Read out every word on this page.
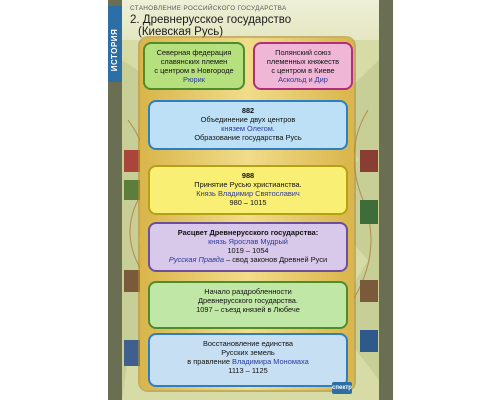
ИСТОРИЯ
СТАНОВЛЕНИЕ РОССИЙСКОГО ГОСУДАРСТВА
2. Древнерусское государство
(Киевская Русь)
Северная федерация
славянских племен
с центром в Новгороде
Рюрик
Полянский союз
племенных княжеств
с центром в Киеве
Аскольд и Дир
882
Объединение двух центров
князем Олегом.
Образование государства Русь
988
Принятие Русью христианства.
Князь Владимир Святославич
980 – 1015
Расцвет Древнерусского государства:
князь Ярослав Мудрый
1019 – 1054
Русская Правда – свод законов Древней Руси
Начало раздробленности
Древнерусского государства.
1097 – съезд князей в Любече
Восстановление единства
Русских земель
в правление Владимира Мономаха
1113 – 1125
спектр
